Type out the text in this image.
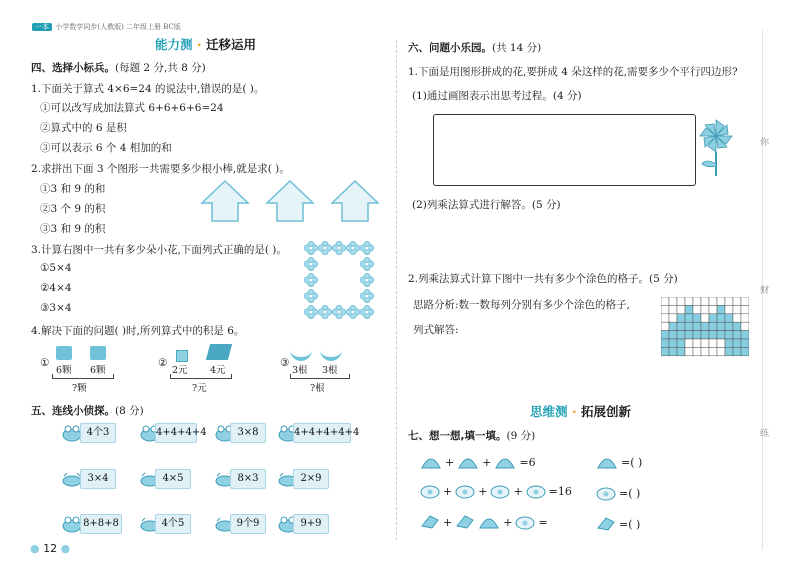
一本 小学数学同步(人教版) 二年级上册 BC版
能力测 · 迁移运用
四、选择小标兵。(每题 2 分,共 8 分)
1.下面关于算式 4×6=24 的说法中,错误的是( )。
①可以改写成加法算式 6+6+6+6=24
②算式中的 6 是积
③可以表示 6 个 4 相加的和
2.求拼出下面 3 个图形一共需要多少根小棒,就是求( )。
①3 和 9 的和
②3 个 9 的积
③3 和 9 的积
3.计算右图中一共有多少朵小花,下面列式正确的是( )。
①5×4
②4×4
③3×4
4.解决下面的问题( )时,所列算式中的积是 6。
①
6颗 6颗
?颗
②
2元 4元
?元
③
3根 3根
?根
五、连线小侦探。(8 分)
4个3	4+4+4+4	3×8	4+4+4+4+4
3×4	4×5	8×3	2×9
8+8+8	4个5	9个9	9+9
● 12 ●
六、问题小乐园。(共 14 分)
1.下面是用图形拼成的花,要拼成 4 朵这样的花,需要多少个平行四边形?
(1)通过画图表示出思考过程。(4 分)
(2)列乘法算式进行解答。(5 分)
2.列乘法算式计算下图中一共有多少个涂色的格子。(5 分)
思路分析:数一数每列分别有多少个涂色的格子,
列式解答:
思维测 · 拓展创新
七、想一想,填一填。(9 分)
+	+	=6	=( )
+ + + =16	=( )
+	+ =	=( )
你
财
练
